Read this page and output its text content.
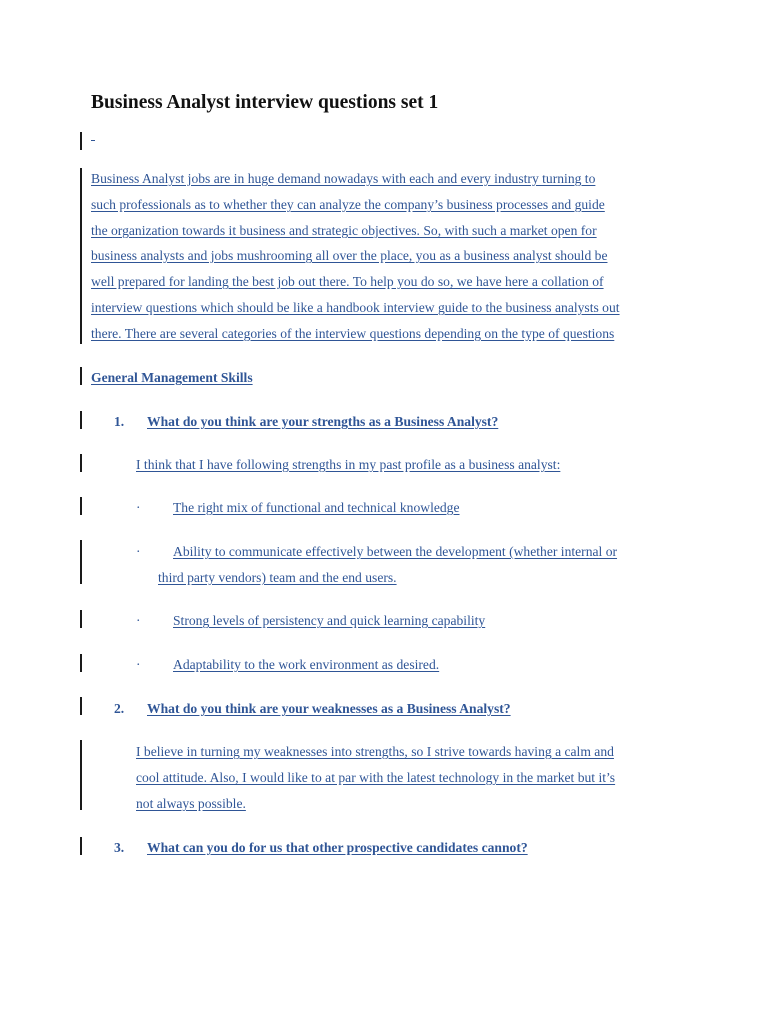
Business Analyst interview questions set 1
Business Analyst jobs are in huge demand nowadays with each and every industry turning to
such professionals as to whether they can analyze the company’s business processes and guide
the organization towards it business and strategic objectives. So, with such a market open for
business analysts and jobs mushrooming all over the place, you as a business analyst should be
well prepared for landing the best job out there. To help you do so, we have here a collation of
interview questions which should be like a handbook interview guide to the business analysts out
there. There are several categories of the interview questions depending on the type of questions
General Management Skills
1. What do you think are your strengths as a Business Analyst?
I think that I have following strengths in my past profile as a business analyst:
· The right mix of functional and technical knowledge
· Ability to communicate effectively between the development (whether internal or
third party vendors) team and the end users.
· Strong levels of persistency and quick learning capability
· Adaptability to the work environment as desired.
2. What do you think are your weaknesses as a Business Analyst?
I believe in turning my weaknesses into strengths, so I strive towards having a calm and
cool attitude. Also, I would like to at par with the latest technology in the market but it’s
not always possible.
3. What can you do for us that other prospective candidates cannot?
